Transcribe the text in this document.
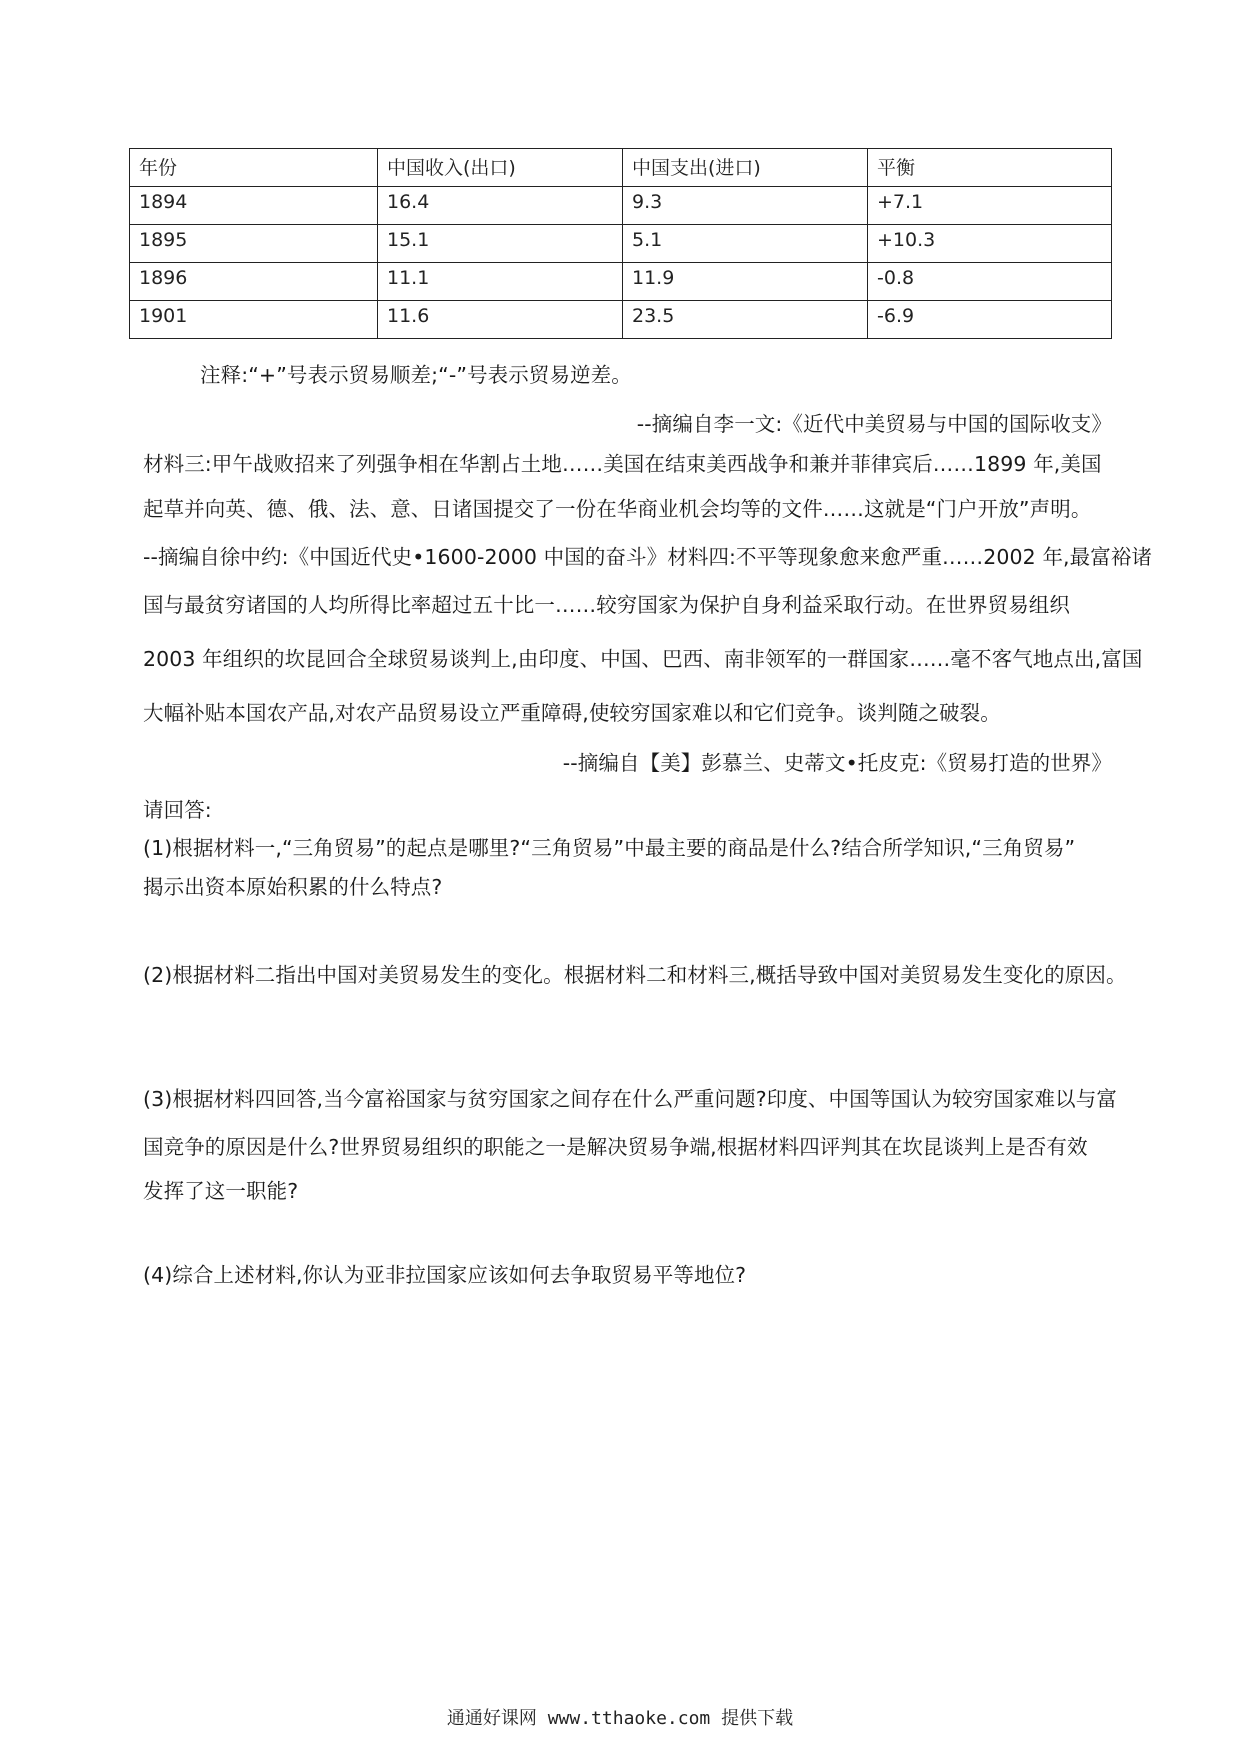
年份	中国收入(出口)	中国支出(进口)	平衡
1894	16.4	9.3	+7.1
1895	15.1	5.1	+10.3
1896	11.1	11.9	-0.8
1901	11.6	23.5	-6.9
注释:“+”号表示贸易顺差;“-”号表示贸易逆差。
--摘编自李一文:《近代中美贸易与中国的国际收支》
材料三:甲午战败招来了列强争相在华割占土地……美国在结束美西战争和兼并菲律宾后……1899 年,美国
起草并向英、德、俄、法、意、日诸国提交了一份在华商业机会均等的文件……这就是“门户开放”声明。
--摘编自徐中约:《中国近代史•1600-2000 中国的奋斗》材料四:不平等现象愈来愈严重……2002 年,最富裕诸
国与最贫穷诸国的人均所得比率超过五十比一……较穷国家为保护自身利益采取行动。在世界贸易组织
2003 年组织的坎昆回合全球贸易谈判上,由印度、中国、巴西、南非领军的一群国家……毫不客气地点出,富国
大幅补贴本国农产品,对农产品贸易设立严重障碍,使较穷国家难以和它们竞争。谈判随之破裂。
--摘编自【美】彭慕兰、史蒂文•托皮克:《贸易打造的世界》
请回答:
(1)根据材料一,“三角贸易”的起点是哪里?“三角贸易”中最主要的商品是什么?结合所学知识,“三角贸易”
揭示出资本原始积累的什么特点?
(2)根据材料二指出中国对美贸易发生的变化。根据材料二和材料三,概括导致中国对美贸易发生变化的原因。
(3)根据材料四回答,当今富裕国家与贫穷国家之间存在什么严重问题?印度、中国等国认为较穷国家难以与富
国竞争的原因是什么?世界贸易组织的职能之一是解决贸易争端,根据材料四评判其在坎昆谈判上是否有效
发挥了这一职能?
(4)综合上述材料,你认为亚非拉国家应该如何去争取贸易平等地位?
通通好课网 www.tthaoke.com 提供下载
